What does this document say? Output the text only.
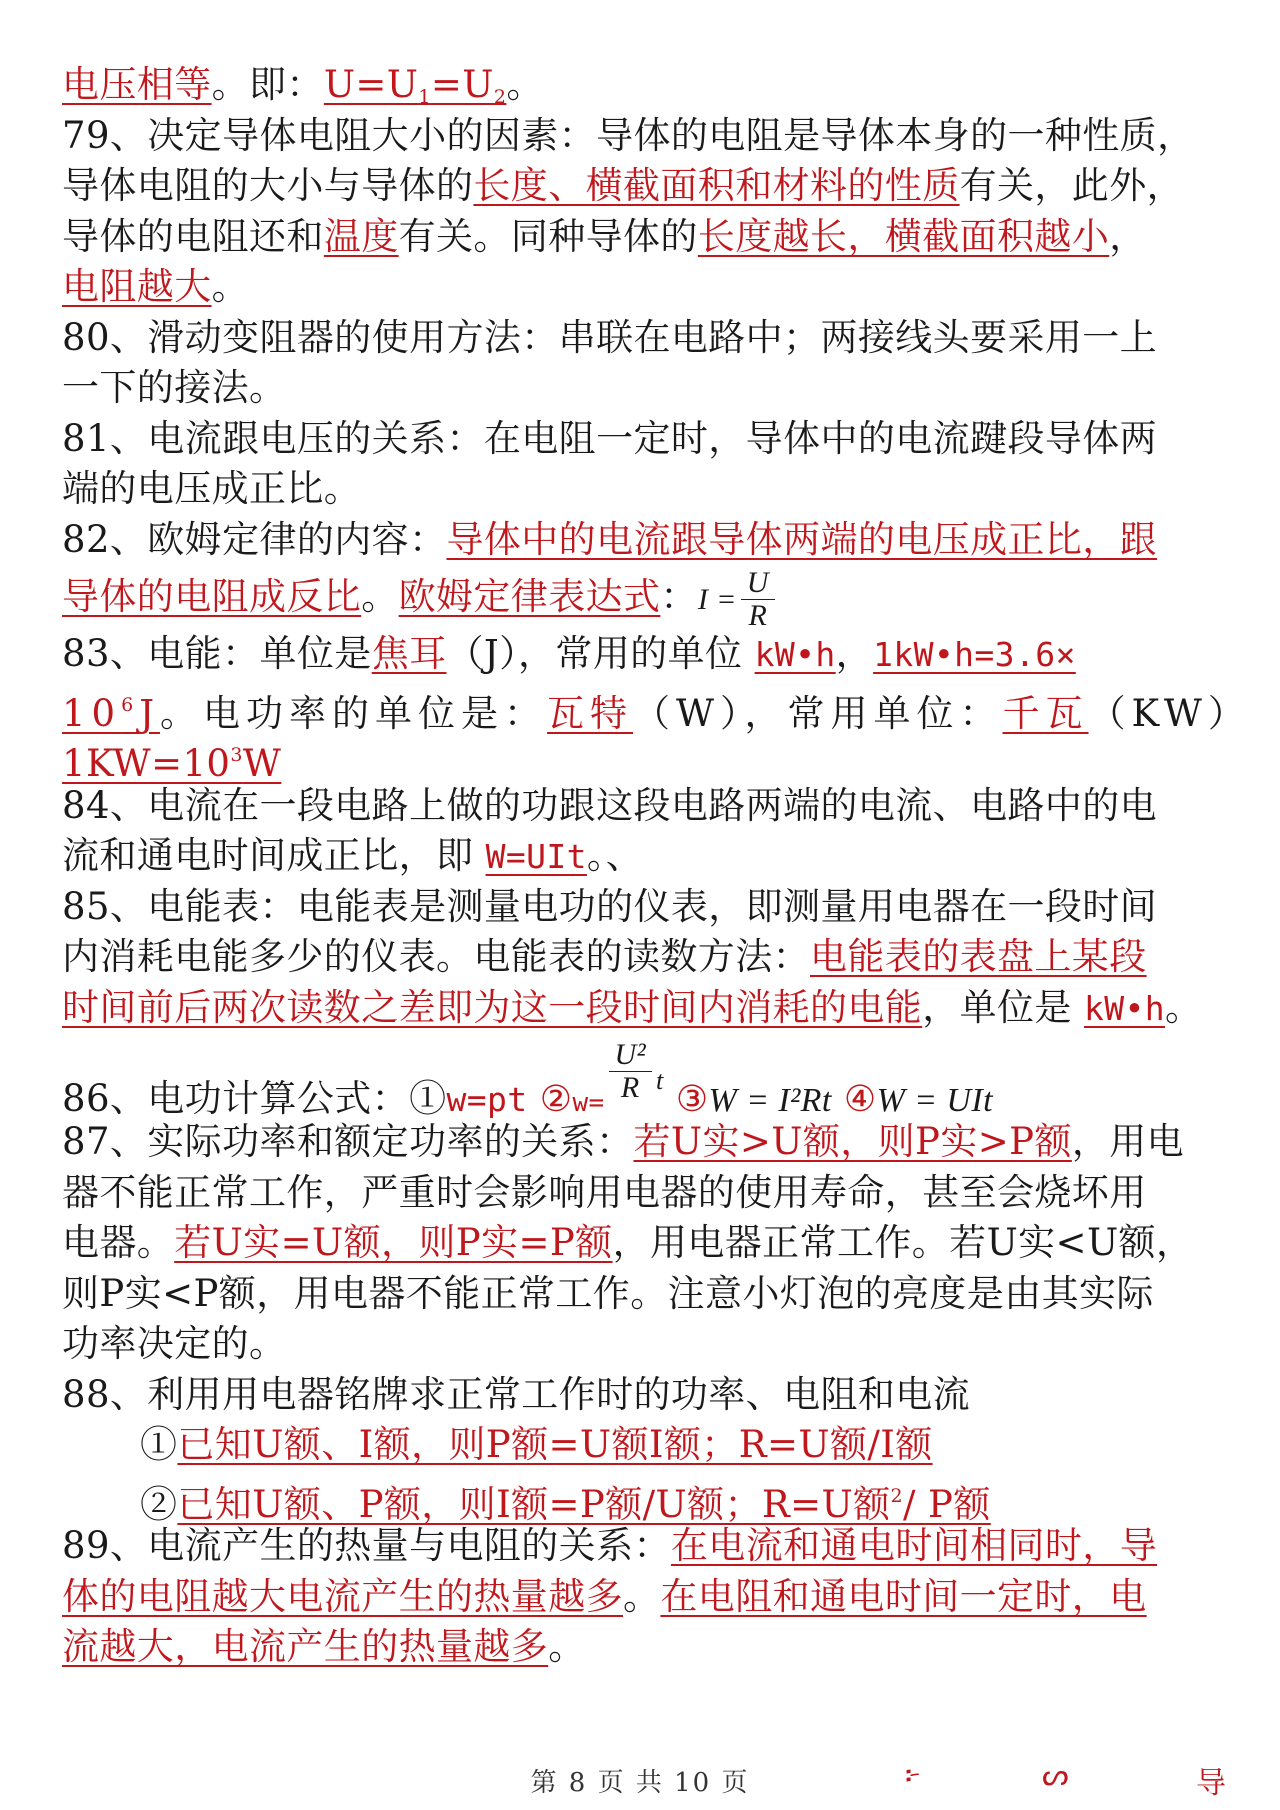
电压相等。即：$U=U_1=U_2$。
79、决定导体电阻大小的因素：导体的电阻是导体本身的一种性质，
导体电阻的大小与导体的长度、横截面积和材料的性质有关，此外，
导体的电阻还和温度有关。同种导体的长度越长，横截面积越小，
电阻越大。
80、滑动变阻器的使用方法：串联在电路中；两接线头要采用一上
一下的接法。
81、电流跟电压的关系：在电阻一定时，导体中的电流踺段导体两
端的电压成正比。
82、欧姆定律的内容：导体中的电流跟导体两端的电压成正比，跟
导体的电阻成反比。欧姆定律表达式：$I = \frac{U}{R}$
83、电能：单位是焦耳（J），常用的单位 kW•h，1kW•h=3.6×
$10^6J$。电功率的单位是：瓦特（W），常用单位：千瓦（KW）
$1KW=10^3W$
84、电流在一段电路上做的功跟这段电路两端的电流、电路中的电
流和通电时间成正比，即 W=UIt。、
85、电能表：电能表是测量电功的仪表，即测量用电器在一段时间
内消耗电能多少的仪表。电能表的读数方法：电能表的表盘上某段
时间前后两次读数之差即为这一段时间内消耗的电能，单位是 kW•h。
86、电功计算公式：①w=pt ②w= $\frac{\text{U²}}{R} ^t$ ③W = I²Rt ④W = UIt
87、实际功率和额定功率的关系：若U实>U额，则P实>P额，用电
器不能正常工作，严重时会影响用电器的使用寿命，甚至会烧坏用
电器。若U实=U额，则P实=P额，用电器正常工作。若U实<U额，
则P实<P额，用电器不能正常工作。注意小灯泡的亮度是由其实际
功率决定的。
88、利用用电器铭牌求正常工作时的功率、电阻和电流
①已知U额、I额，则P额=U额I额；R=U额/I额
②已知U额、P额，则I额=P额/U额；R=U额$^2$/ P额
89、电流产生的热量与电阻的关系：在电流和通电时间相同时，导
体的电阻越大电流产生的热量越多。在电阻和通电时间一定时，电
流越大，电流产生的热量越多。
第 8 页 共 10 页	፦	ᔕ	导
